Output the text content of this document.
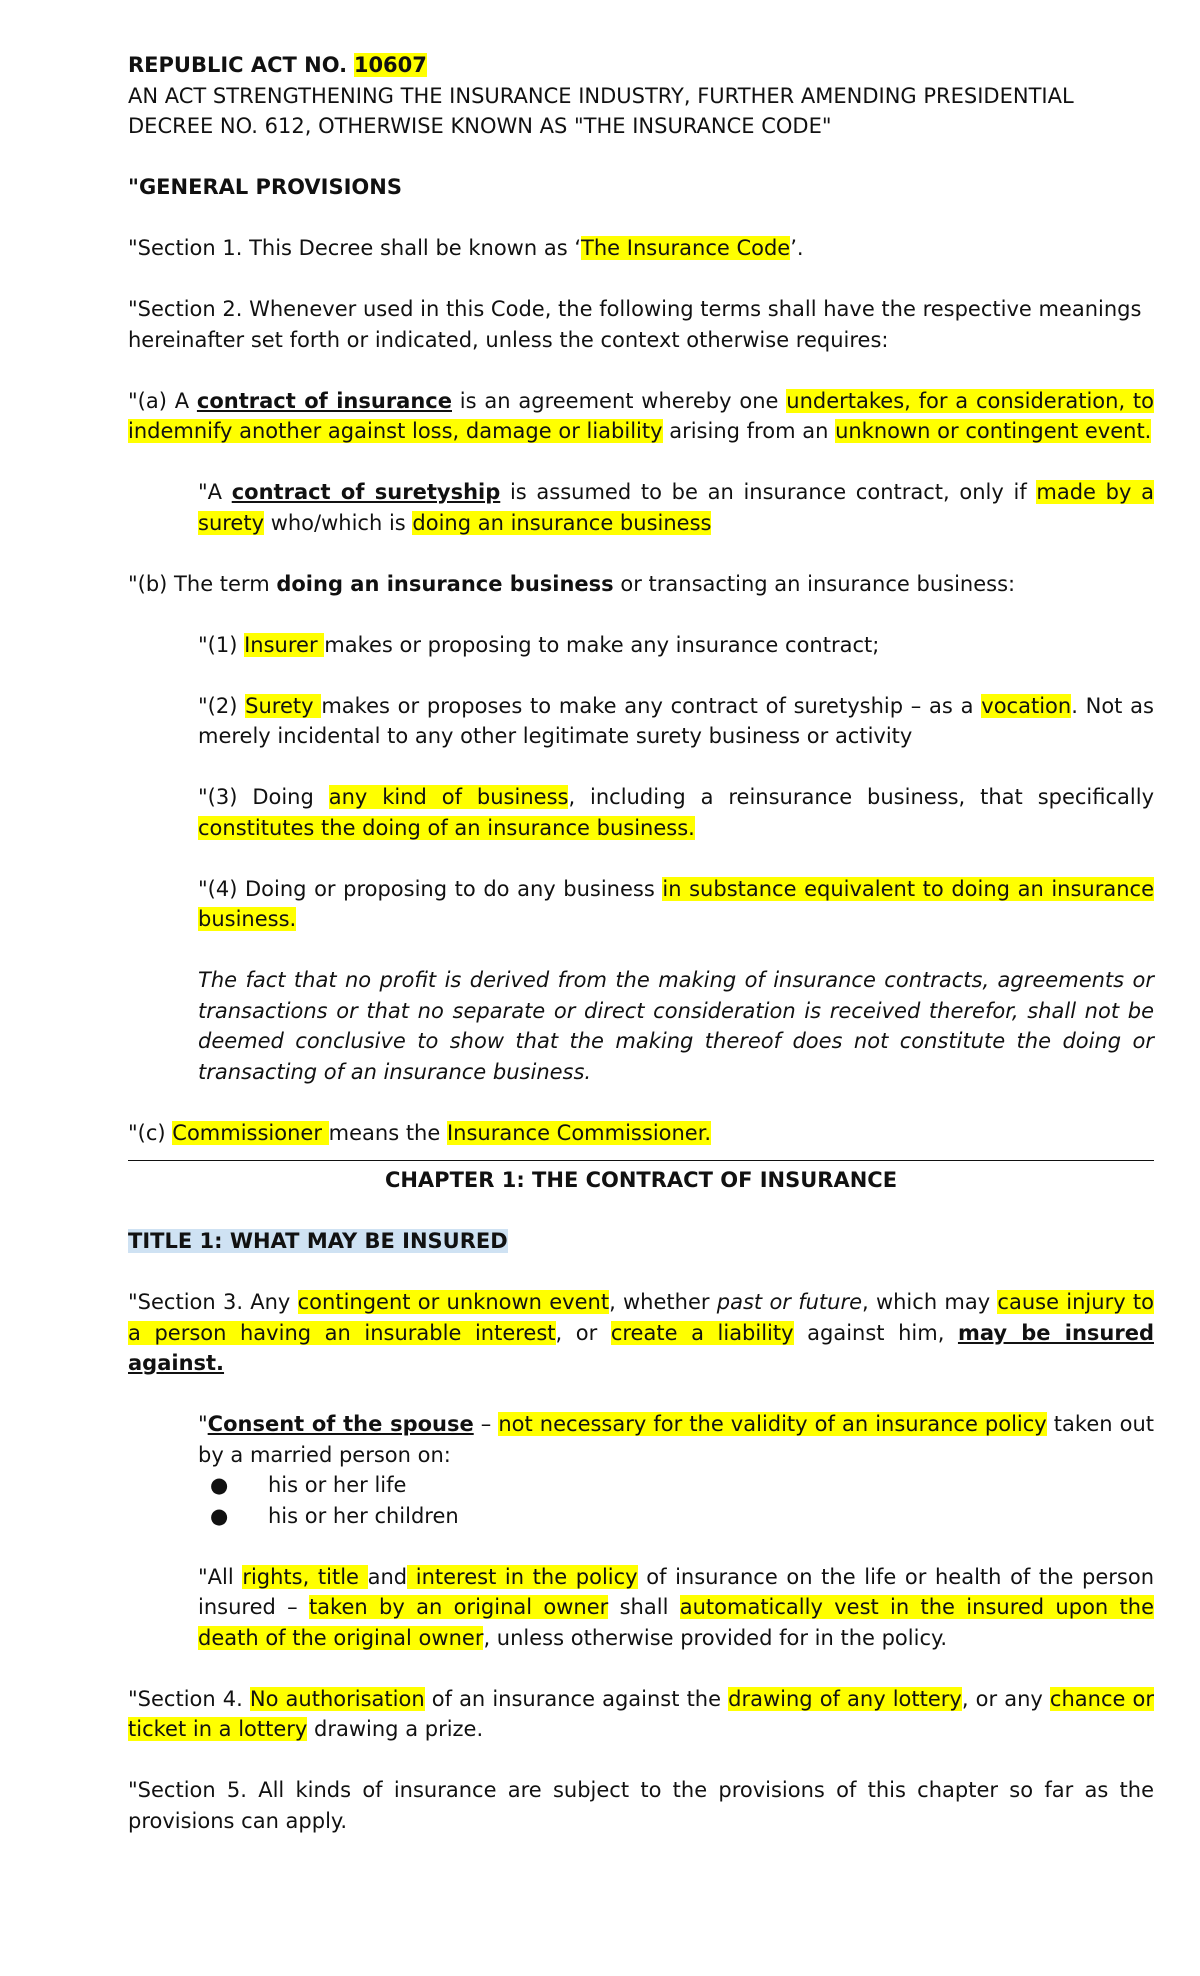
REPUBLIC ACT NO. 10607

AN ACT STRENGTHENING THE INSURANCE INDUSTRY, FURTHER AMENDING PRESIDENTIAL DECREE NO. 612, OTHERWISE KNOWN AS "THE INSURANCE CODE"

"GENERAL PROVISIONS

"Section 1. This Decree shall be known as ‘The Insurance Code’.

"Section 2. Whenever used in this Code, the following terms shall have the respective meanings hereinafter set forth or indicated, unless the context otherwise requires:

"(a) A contract of insurance is an agreement whereby one undertakes, for a consideration, to indemnify another against loss, damage or liability arising from an unknown or contingent event.

"A contract of suretyship is assumed to be an insurance contract, only if made by a surety who/which is doing an insurance business

"(b) The term doing an insurance business or transacting an insurance business:

"(1) Insurer makes or proposing to make any insurance contract;

"(2) Surety makes or proposes to make any contract of suretyship – as a vocation. Not as merely incidental to any other legitimate surety business or activity

"(3) Doing any kind of business, including a reinsurance business, that specifically constitutes the doing of an insurance business.

"(4) Doing or proposing to do any business in substance equivalent to doing an insurance business.

The fact that no profit is derived from the making of insurance contracts, agreements or transactions or that no separate or direct consideration is received therefor, shall not be deemed conclusive to show that the making thereof does not constitute the doing or transacting of an insurance business.

"(c) Commissioner means the Insurance Commissioner.

CHAPTER 1: THE CONTRACT OF INSURANCE

TITLE 1: WHAT MAY BE INSURED

"Section 3. Any contingent or unknown event, whether past or future, which may cause injury to a person having an insurable interest, or create a liability against him, may be insured against.

"Consent of the spouse – not necessary for the validity of an insurance policy taken out by a married person on:

● his or her life
● his or her children

"All rights, title and interest in the policy of insurance on the life or health of the person insured – taken by an original owner shall automatically vest in the insured upon the death of the original owner, unless otherwise provided for in the policy.

"Section 4. No authorisation of an insurance against the drawing of any lottery, or any chance or ticket in a lottery drawing a prize.

"Section 5. All kinds of insurance are subject to the provisions of this chapter so far as the provisions can apply.
